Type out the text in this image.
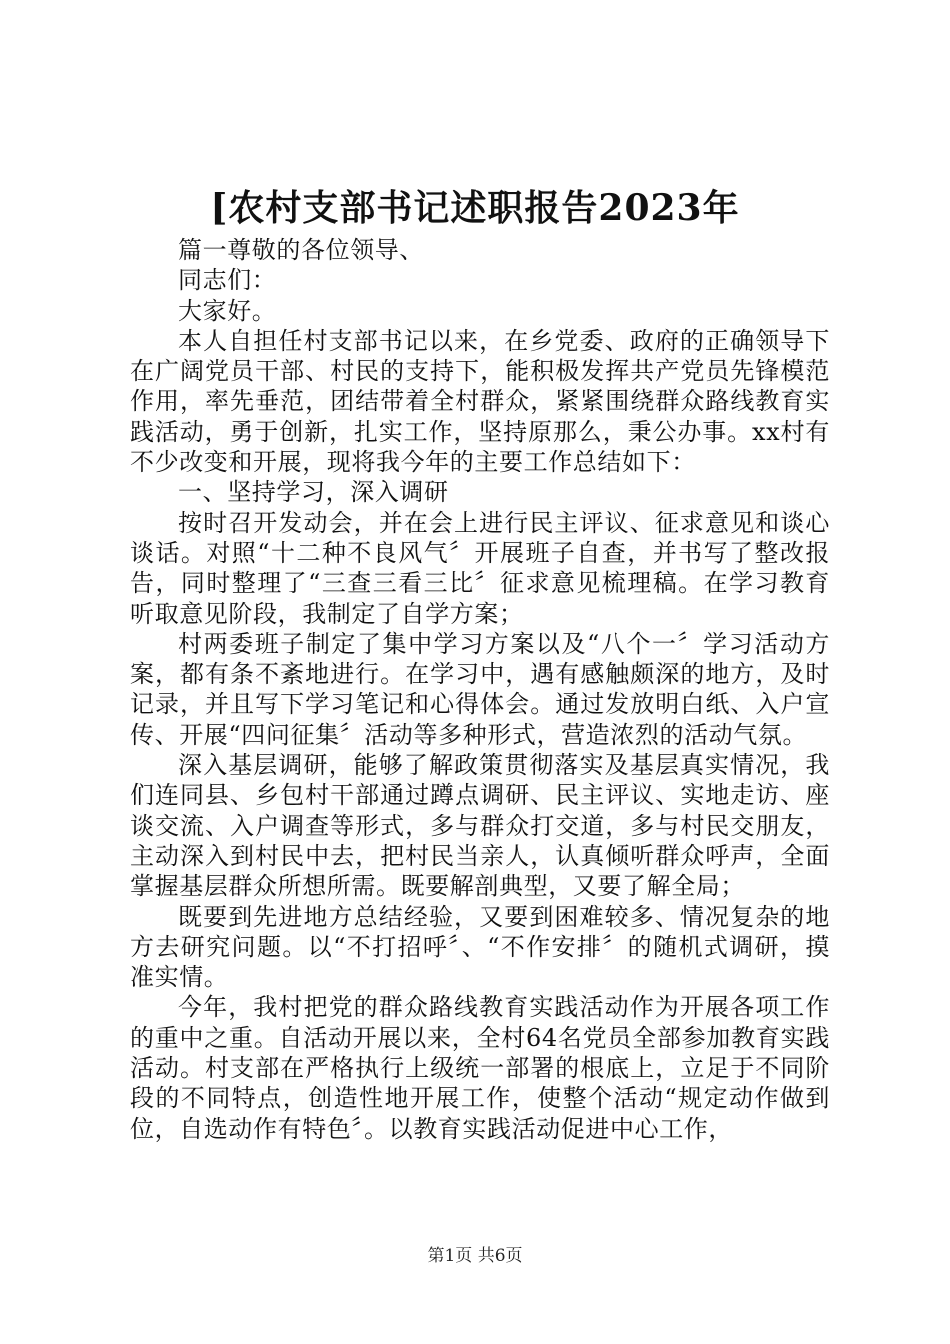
[农村支部书记述职报告2023年

篇一尊敬的各位领导、

同志们：

大家好。

本人自担任村支部书记以来，在乡党委、政府的正确领导下在广阔党员干部、村民的支持下，能积极发挥共产党员先锋模范作用，率先垂范，团结带着全村群众，紧紧围绕群众路线教育实践活动，勇于创新，扎实工作，坚持原那么，秉公办事。xx村有不少改变和开展，现将我今年的主要工作总结如下：

一、坚持学习，深入调研

按时召开发动会，并在会上进行民主评议、征求意见和谈心谈话。对照“十二种不良风气〞开展班子自查，并书写了整改报告，同时整理了“三查三看三比〞征求意见梳理稿。在学习教育听取意见阶段，我制定了自学方案；

村两委班子制定了集中学习方案以及“八个一〞学习活动方案，都有条不紊地进行。在学习中，遇有感触颇深的地方，及时记录，并且写下学习笔记和心得体会。通过发放明白纸、入户宣传、开展“四问征集〞活动等多种形式，营造浓烈的活动气氛。

深入基层调研，能够了解政策贯彻落实及基层真实情况，我们连同县、乡包村干部通过蹲点调研、民主评议、实地走访、座谈交流、入户调查等形式，多与群众打交道，多与村民交朋友，主动深入到村民中去，把村民当亲人，认真倾听群众呼声，全面掌握基层群众所想所需。既要解剖典型，又要了解全局；

既要到先进地方总结经验，又要到困难较多、情况复杂的地方去研究问题。以“不打招呼〞、“不作安排〞的随机式调研，摸准实情。

今年，我村把党的群众路线教育实践活动作为开展各项工作的重中之重。自活动开展以来，全村64名党员全部参加教育实践活动。村支部在严格执行上级统一部署的根底上，立足于不同阶段的不同特点，创造性地开展工作，使整个活动“规定动作做到位，自选动作有特色〞。以教育实践活动促进中心工作，

第1页 共6页
